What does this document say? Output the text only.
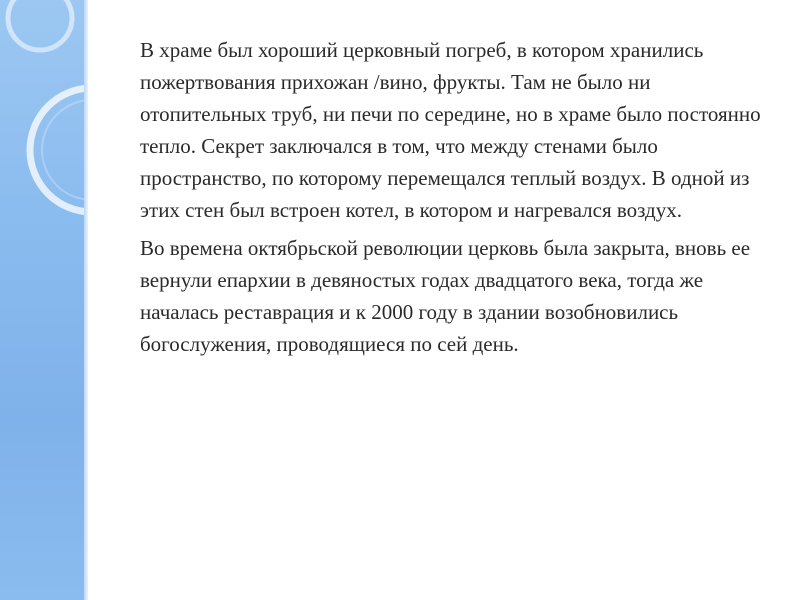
В храме был хороший церковный погреб, в котором хранились пожертвования прихожан /вино, фрукты. Там не было ни отопительных труб, ни печи по середине, но в храме было постоянно тепло. Секрет заключался в том, что между стенами было пространство, по которому перемещался теплый воздух. В одной из этих стен был встроен котел, в котором и нагревался воздух.

Во времена октябрьской революции церковь была закрыта, вновь ее вернули епархии в девяностых годах двадцатого века, тогда же началась реставрация и к 2000 году в здании возобновились богослужения, проводящиеся по сей день.
